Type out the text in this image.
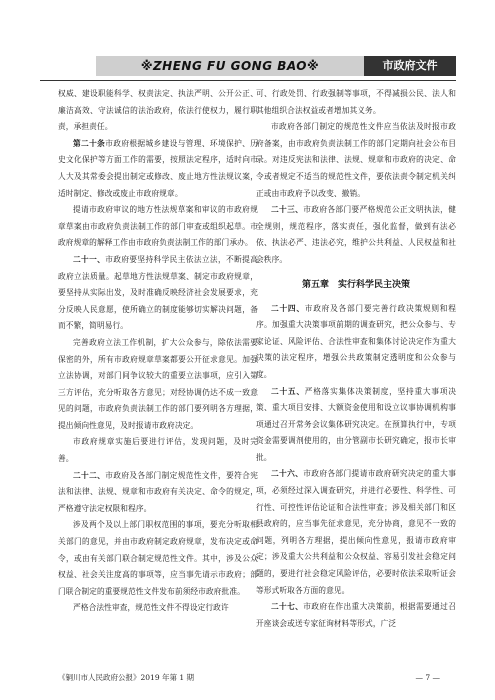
※ZHENG FU GONG BAO※	市政府文件

权威、建设职能科学、权责法定、执法严明、公开公正、廉洁高效、守法诚信的法治政府，依法行使权力，履行职责，承担责任。

第二十条市政府根据城乡建设与管理、环境保护、历史文化保护等方面工作的需要，按照法定程序，适时向市人大及其常委会提出制定或修改、废止地方性法规议案，适时制定、修改或废止市政府规章。

提请市政府审议的地方性法规草案和审议的市政府规章草案由市政府负责法制工作的部门审查或组织起草。市政府规章的解释工作由市政府负责法制工作的部门承办。

二十一、市政府要坚持科学民主依法立法，不断提高政府立法质量。起草地方性法规草案、制定市政府规章，要坚持从实际出发，及时准确反映经济社会发展要求，充分反映人民意愿，使所确立的制度能够切实解决问题，备而不繁，简明易行。

完善政府立法工作机制，扩大公众参与，除依法需要保密的外，所有市政府规章草案都要公开征求意见。加强立法协调，对部门间争议较大的重要立法事项，应引入第三方评估，充分听取各方意见；对经协调仍达不成一致意见的问题，市政府负责法制工作的部门要列明各方理据，提出倾向性意见，及时报请市政府决定。

市政府规章实施后要进行评估，发现问题，及时完善。

二十二、市政府及各部门制定规范性文件，要符合宪法和法律、法规、规章和市政府有关决定、命令的规定，严格遵守法定权限和程序。

涉及两个及以上部门职权范围的事项，要充分听取相关部门的意见，并由市政府制定政府规章，发布决定或命令，或由有关部门联合制定规范性文件。其中，涉及公众权益、社会关注度高的事项等，应当事先请示市政府；部门联合制定的重要规范性文件发布前须经市政府批准。

严格合法性审查，规范性文件不得设定行政许

可、行政处罚、行政强制等事项，不得减损公民、法人和其他组织合法权益或者增加其义务。

市政府各部门制定的规范性文件应当依法及时报市政府备案，由市政府负责法制工作的部门定期向社会公布目录。对违反宪法和法律、法规、规章和市政府的决定、命令或者规定不适当的规范性文件，要依法责令制定机关纠正或由市政府予以改变、撤销。

二十三、市政府各部门要严格规范公正文明执法，健全规则，规范程序，落实责任，强化监督，做到有法必依、执法必严、违法必究，维护公共利益、人民权益和社会秩序。

第五章　实行科学民主决策

二十四、市政府及各部门要完善行政决策规则和程序。加强重大决策事项前期的调查研究，把公众参与、专家论证、风险评估、合法性审查和集体讨论决定作为重大决策的法定程序，增强公共政策制定透明度和公众参与度。

二十五、严格落实集体决策制度，坚持重大事项决策、重大项目安排、大额资金使用和设立议事协调机构事项通过召开常务会议集体研究决定。在预算执行中，专项资金需要调剂使用的，由分管副市长研究确定，报市长审批。

二十六、市政府各部门提请市政府研究决定的重大事项，必须经过深入调查研究，并进行必要性、科学性、可行性、可控性评估论证和合法性审查；涉及相关部门和区县政府的，应当事先征求意见，充分协商，意见不一致的问题，列明各方理据，提出倾向性意见，报请市政府审定；涉及重大公共利益和公众权益、容易引发社会稳定问题的，要进行社会稳定风险评估，必要时依法采取听证会等形式听取各方面的意见。

二十七、市政府在作出重大决策前，根据需要通过召开座谈会或送专家征询材料等形式，广泛

《铜川市人民政府公报》2019 年第 1 期	— 7 —
